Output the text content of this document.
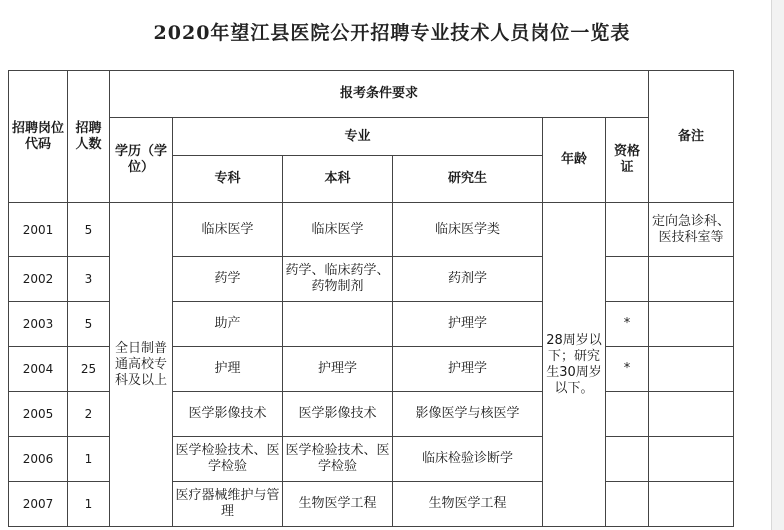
2020年望江县医院公开招聘专业技术人员岗位一览表
招聘岗位代码	招聘人数	报考条件要求						备注
		学历（学位）	专业			年龄	资格证	
			专科	本科	研究生			
2001	5	全日制普通高校专科及以上	临床医学	临床医学	临床医学类	28周岁以下；研究生30周岁以下。		定向急诊科、医技科室等
2002	3		药学	药学、临床药学、药物制剂	药剂学			
2003	5		助产		护理学		*	
2004	25		护理	护理学	护理学		*	
2005	2		医学影像技术	医学影像技术	影像医学与核医学			
2006	1		医学检验技术、医学检验	医学检验技术、医学检验	临床检验诊断学			
2007	1		医疗器械维护与管理	生物医学工程	生物医学工程			
